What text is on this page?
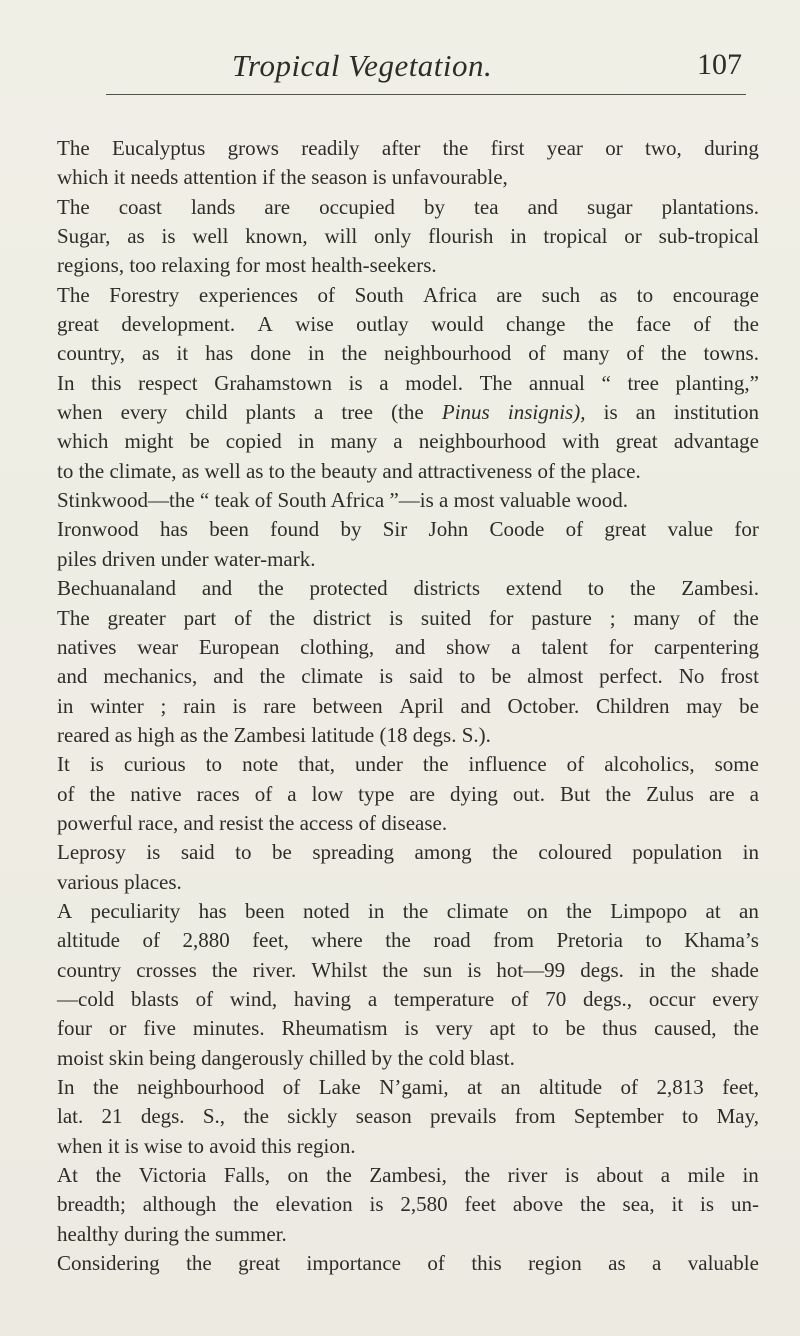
Tropical Vegetation.	107

The Eucalyptus grows readily after the first year or two, during
which it needs attention if the season is unfavourable,

The coast lands are occupied by tea and sugar plantations.
Sugar, as is well known, will only flourish in tropical or sub-tropical
regions, too relaxing for most health-seekers.

The Forestry experiences of South Africa are such as to encourage
great development. A wise outlay would change the face of the
country, as it has done in the neighbourhood of many of the towns.
In this respect Grahamstown is a model. The annual “ tree planting,”
when every child plants a tree (the Pinus insignis), is an institution
which might be copied in many a neighbourhood with great advantage
to the climate, as well as to the beauty and attractiveness of the place.

Stinkwood—the “ teak of South Africa ”—is a most valuable wood.

Ironwood has been found by Sir John Coode of great value for
piles driven under water-mark.

Bechuanaland and the protected districts extend to the Zambesi.
The greater part of the district is suited for pasture ; many of the
natives wear European clothing, and show a talent for carpentering
and mechanics, and the climate is said to be almost perfect. No frost
in winter ; rain is rare between April and October. Children may be
reared as high as the Zambesi latitude (18 degs. S.).

It is curious to note that, under the influence of alcoholics, some
of the native races of a low type are dying out. But the Zulus are a
powerful race, and resist the access of disease.

Leprosy is said to be spreading among the coloured population in
various places.

A peculiarity has been noted in the climate on the Limpopo at an
altitude of 2,880 feet, where the road from Pretoria to Khama’s
country crosses the river. Whilst the sun is hot—99 degs. in the shade
—cold blasts of wind, having a temperature of 70 degs., occur every
four or five minutes. Rheumatism is very apt to be thus caused, the
moist skin being dangerously chilled by the cold blast.

In the neighbourhood of Lake N’gami, at an altitude of 2,813 feet,
lat. 21 degs. S., the sickly season prevails from September to May,
when it is wise to avoid this region.

At the Victoria Falls, on the Zambesi, the river is about a mile in
breadth; although the elevation is 2,580 feet above the sea, it is un-
healthy during the summer.

Considering the great importance of this region as a valuable
